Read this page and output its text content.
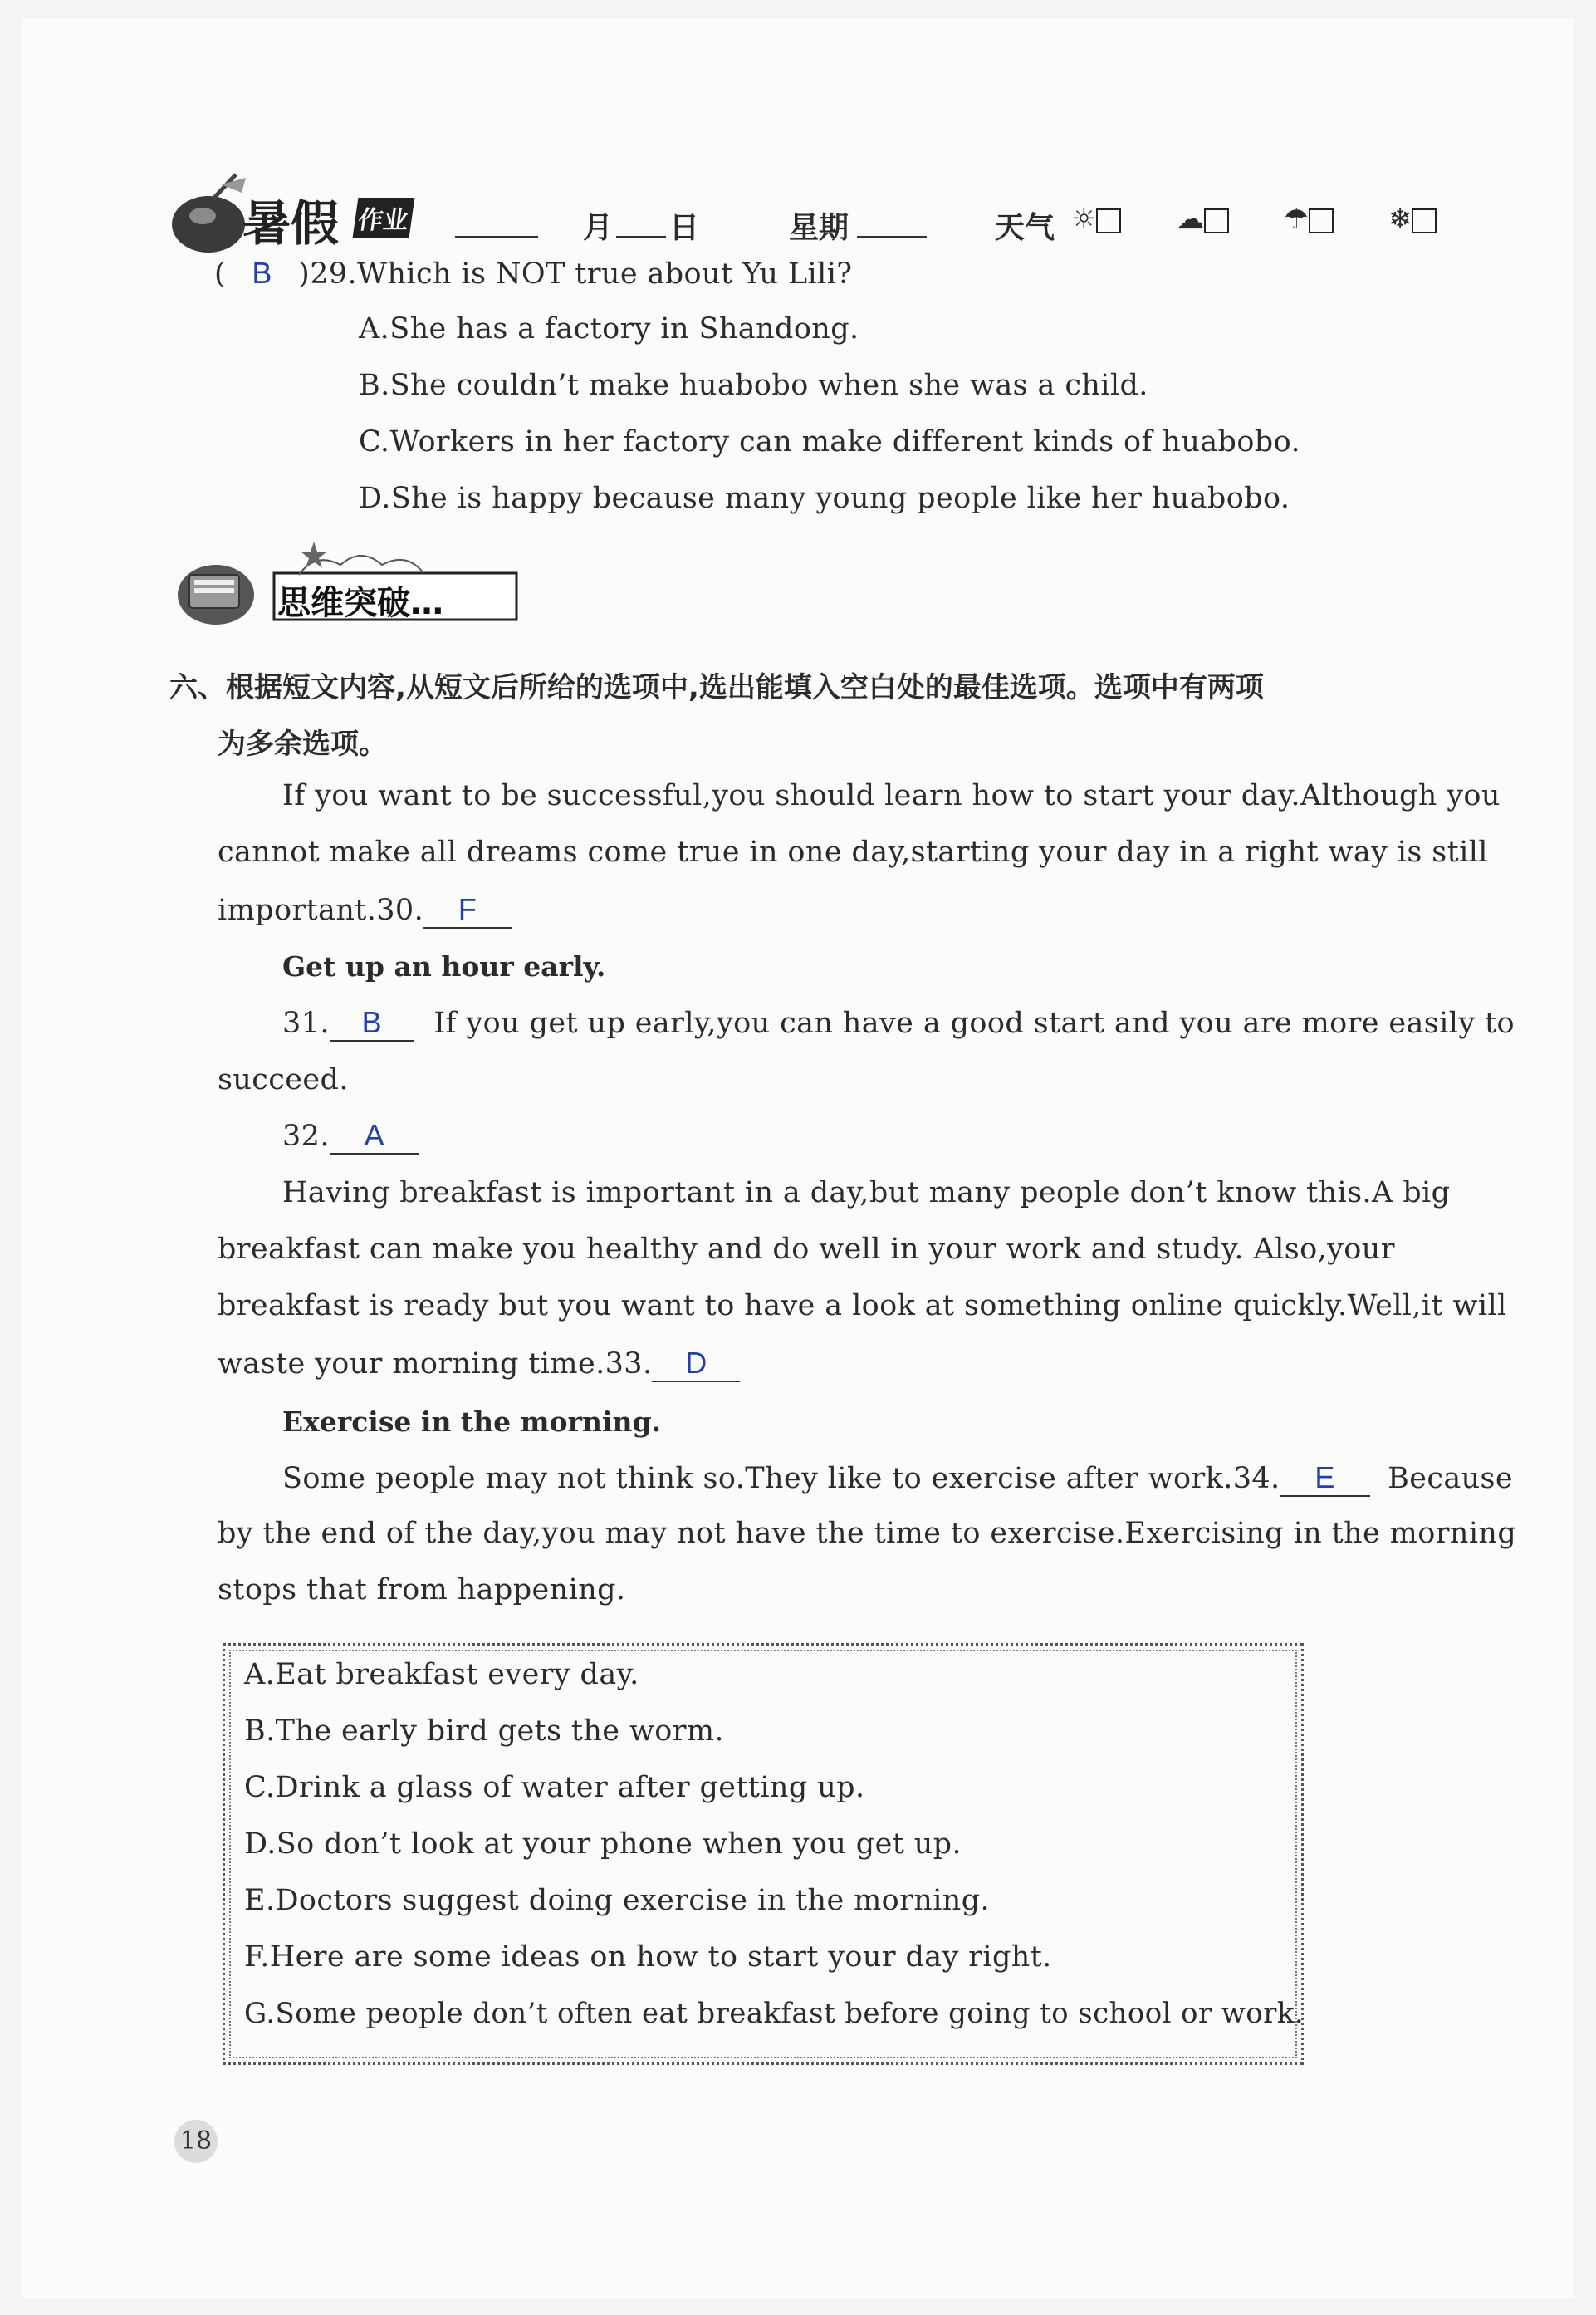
暑假 作业	月 日	星期	天气 ☼	☁	☂	❄
( B )29.Which is NOT true about Yu Lili?
A.She has a factory in Shandong.
B.She couldn’t make huabobo when she was a child.
C.Workers in her factory can make different kinds of huabobo.
D.She is happy because many young people like her huabobo.
思维突破…
六、根据短文内容,从短文后所给的选项中,选出能填入空白处的最佳选项。选项中有两项
为多余选项。
If you want to be successful,you should learn how to start your day.Although you
cannot make all dreams come true in one day,starting your day in a right way is still
important.30. F
Get up an hour early.
31. B If you get up early,you can have a good start and you are more easily to
succeed.
32. A
Having breakfast is important in a day,but many people don’t know this.A big
breakfast can make you healthy and do well in your work and study. Also,your
breakfast is ready but you want to have a look at something online quickly.Well,it will
waste your morning time.33. D
Exercise in the morning.
Some people may not think so.They like to exercise after work.34. E Because
by the end of the day,you may not have the time to exercise.Exercising in the morning
stops that from happening.
A.Eat breakfast every day.
B.The early bird gets the worm.
C.Drink a glass of water after getting up.
D.So don’t look at your phone when you get up.
E.Doctors suggest doing exercise in the morning.
F.Here are some ideas on how to start your day right.
G.Some people don’t often eat breakfast before going to school or work.
18
